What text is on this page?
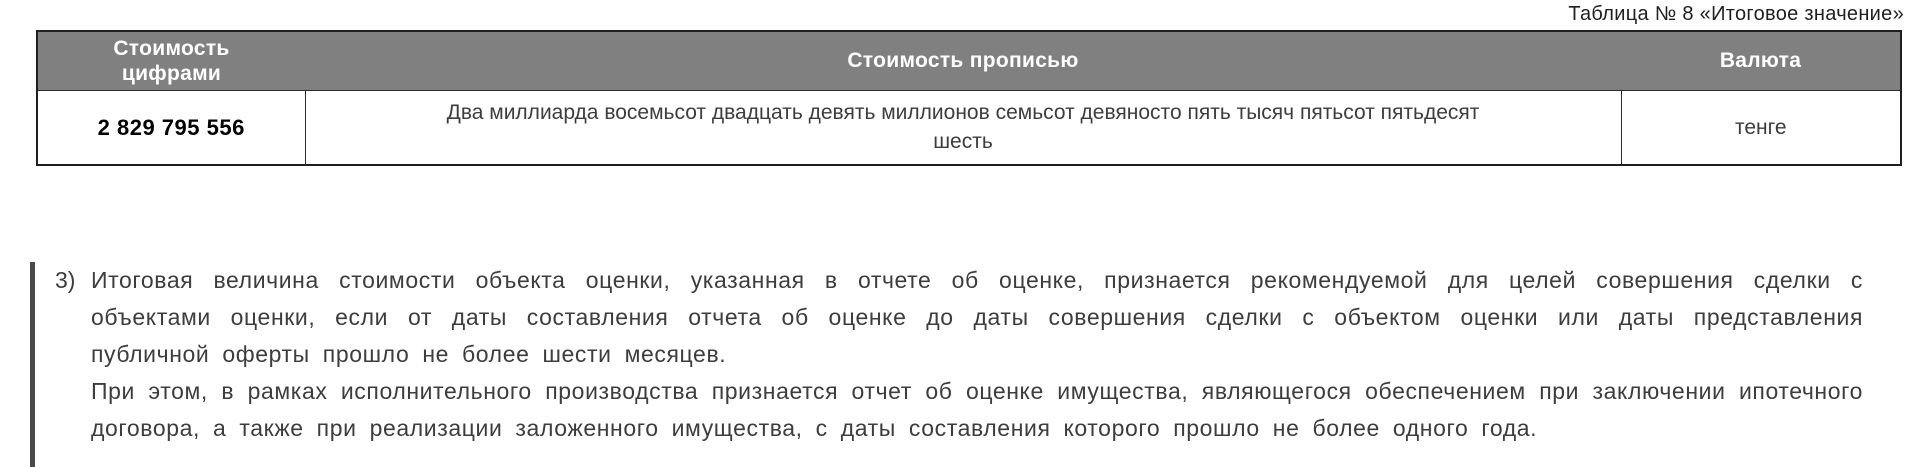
Таблица № 8 «Итоговое значение»
Стоимость цифрами	Стоимость прописью	Валюта
2 829 795 556	Два миллиарда восемьсот двадцать девять миллионов семьсот девяносто пять тысяч пятьсот пятьдесят шесть	тенге
3) Итоговая величина стоимости объекта оценки, указанная в отчете об оценке, признается рекомендуемой для целей совершения сделки с объектами оценки, если от даты составления отчета об оценке до даты совершения сделки с объектом оценки или даты представления публичной оферты прошло не более шести месяцев.

При этом, в рамках исполнительного производства признается отчет об оценке имущества, являющегося обеспечением при заключении ипотечного договора, а также при реализации заложенного имущества, с даты составления которого прошло не более одного года.
